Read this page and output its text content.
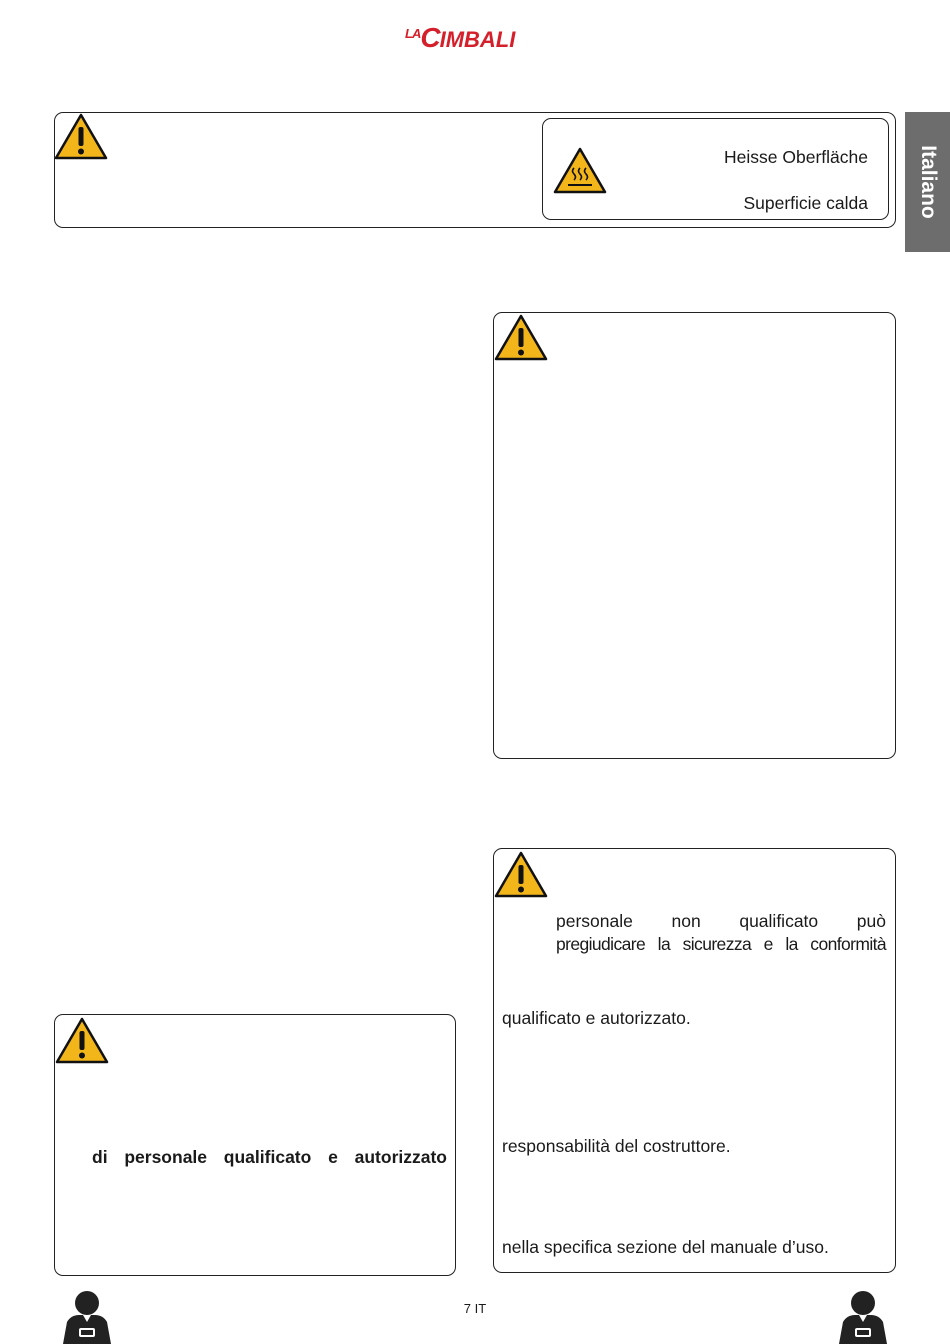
$^{LA}$CIMBALI
Italiano
Heisse Oberfläche
Superficie calda
personale non qualificato può
pregiudicare la sicurezza e la conformità
qualificato e autorizzato.
responsabilità del costruttore.
nella specifica sezione del manuale d’uso.
di personale qualificato e autorizzato
7 IT
